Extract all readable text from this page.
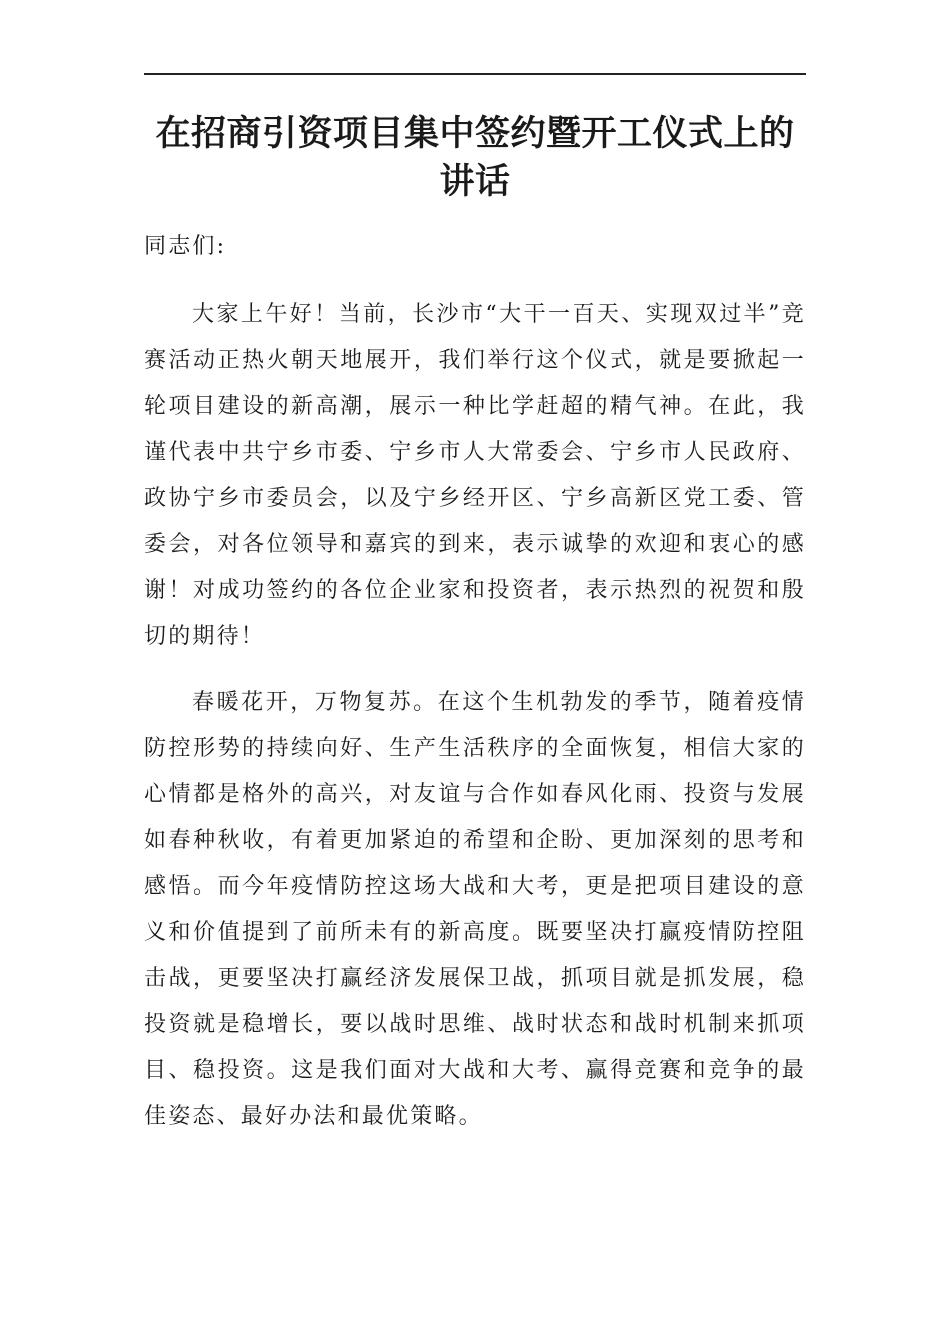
在招商引资项目集中签约暨开工仪式上的讲话

同志们:

大家上午好！当前，长沙市“大干一百天、实现双过半”竞赛活动正热火朝天地展开，我们举行这个仪式，就是要掀起一轮项目建设的新高潮，展示一种比学赶超的精气神。在此，我谨代表中共宁乡市委、宁乡市人大常委会、宁乡市人民政府、政协宁乡市委员会，以及宁乡经开区、宁乡高新区党工委、管委会，对各位领导和嘉宾的到来，表示诚挚的欢迎和衷心的感谢！对成功签约的各位企业家和投资者，表示热烈的祝贺和殷切的期待！

春暖花开，万物复苏。在这个生机勃发的季节，随着疫情防控形势的持续向好、生产生活秩序的全面恢复，相信大家的心情都是格外的高兴，对友谊与合作如春风化雨、投资与发展如春种秋收，有着更加紧迫的希望和企盼、更加深刻的思考和感悟。而今年疫情防控这场大战和大考，更是把项目建设的意义和价值提到了前所未有的新高度。既要坚决打赢疫情防控阻击战，更要坚决打赢经济发展保卫战，抓项目就是抓发展，稳投资就是稳增长，要以战时思维、战时状态和战时机制来抓项目、稳投资。这是我们面对大战和大考、赢得竞赛和竞争的最佳姿态、最好办法和最优策略。
